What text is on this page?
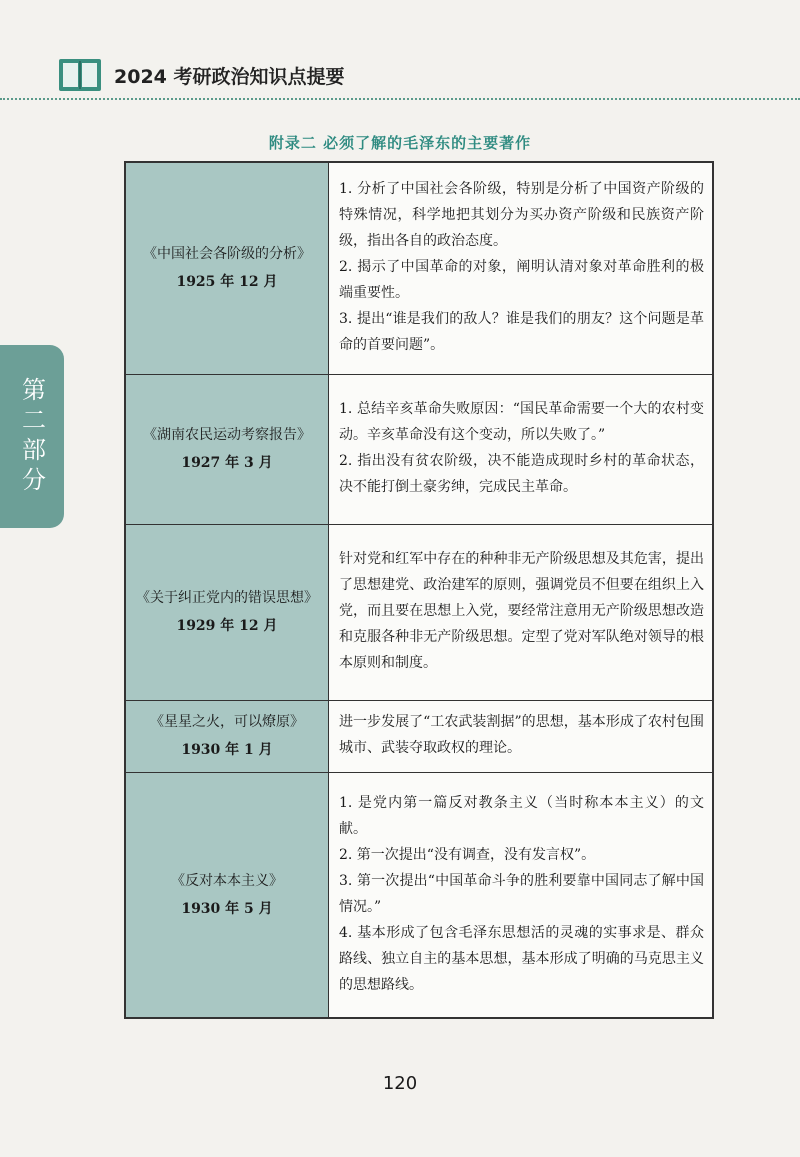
2024 考研政治知识点提要
第二部分
附录二 必须了解的毛泽东的主要著作
《中国社会各阶级的分析》
1925 年 12 月	1. 分析了中国社会各阶级，特别是分析了中国资产阶级的特殊情况，科学地把其划分为买办资产阶级和民族资产阶级，指出各自的政治态度。
2. 揭示了中国革命的对象，阐明认清对象对革命胜利的极端重要性。
3. 提出“谁是我们的敌人？谁是我们的朋友？这个问题是革命的首要问题”。

《湖南农民运动考察报告》
1927 年 3 月	1. 总结辛亥革命失败原因：“国民革命需要一个大的农村变动。辛亥革命没有这个变动，所以失败了。”
2. 指出没有贫农阶级，决不能造成现时乡村的革命状态，决不能打倒土豪劣绅，完成民主革命。

《关于纠正党内的错误思想》
1929 年 12 月	针对党和红军中存在的种种非无产阶级思想及其危害，提出了思想建党、政治建军的原则，强调党员不但要在组织上入党，而且要在思想上入党，要经常注意用无产阶级思想改造和克服各种非无产阶级思想。定型了党对军队绝对领导的根本原则和制度。

《星星之火，可以燎原》
1930 年 1 月	进一步发展了“工农武装割据”的思想，基本形成了农村包围城市、武装夺取政权的理论。

《反对本本主义》
1930 年 5 月	1. 是党内第一篇反对教条主义（当时称本本主义）的文献。
2. 第一次提出“没有调查，没有发言权”。
3. 第一次提出“中国革命斗争的胜利要靠中国同志了解中国情况。”
4. 基本形成了包含毛泽东思想活的灵魂的实事求是、群众路线、独立自主的基本思想，基本形成了明确的马克思主义的思想路线。
120
